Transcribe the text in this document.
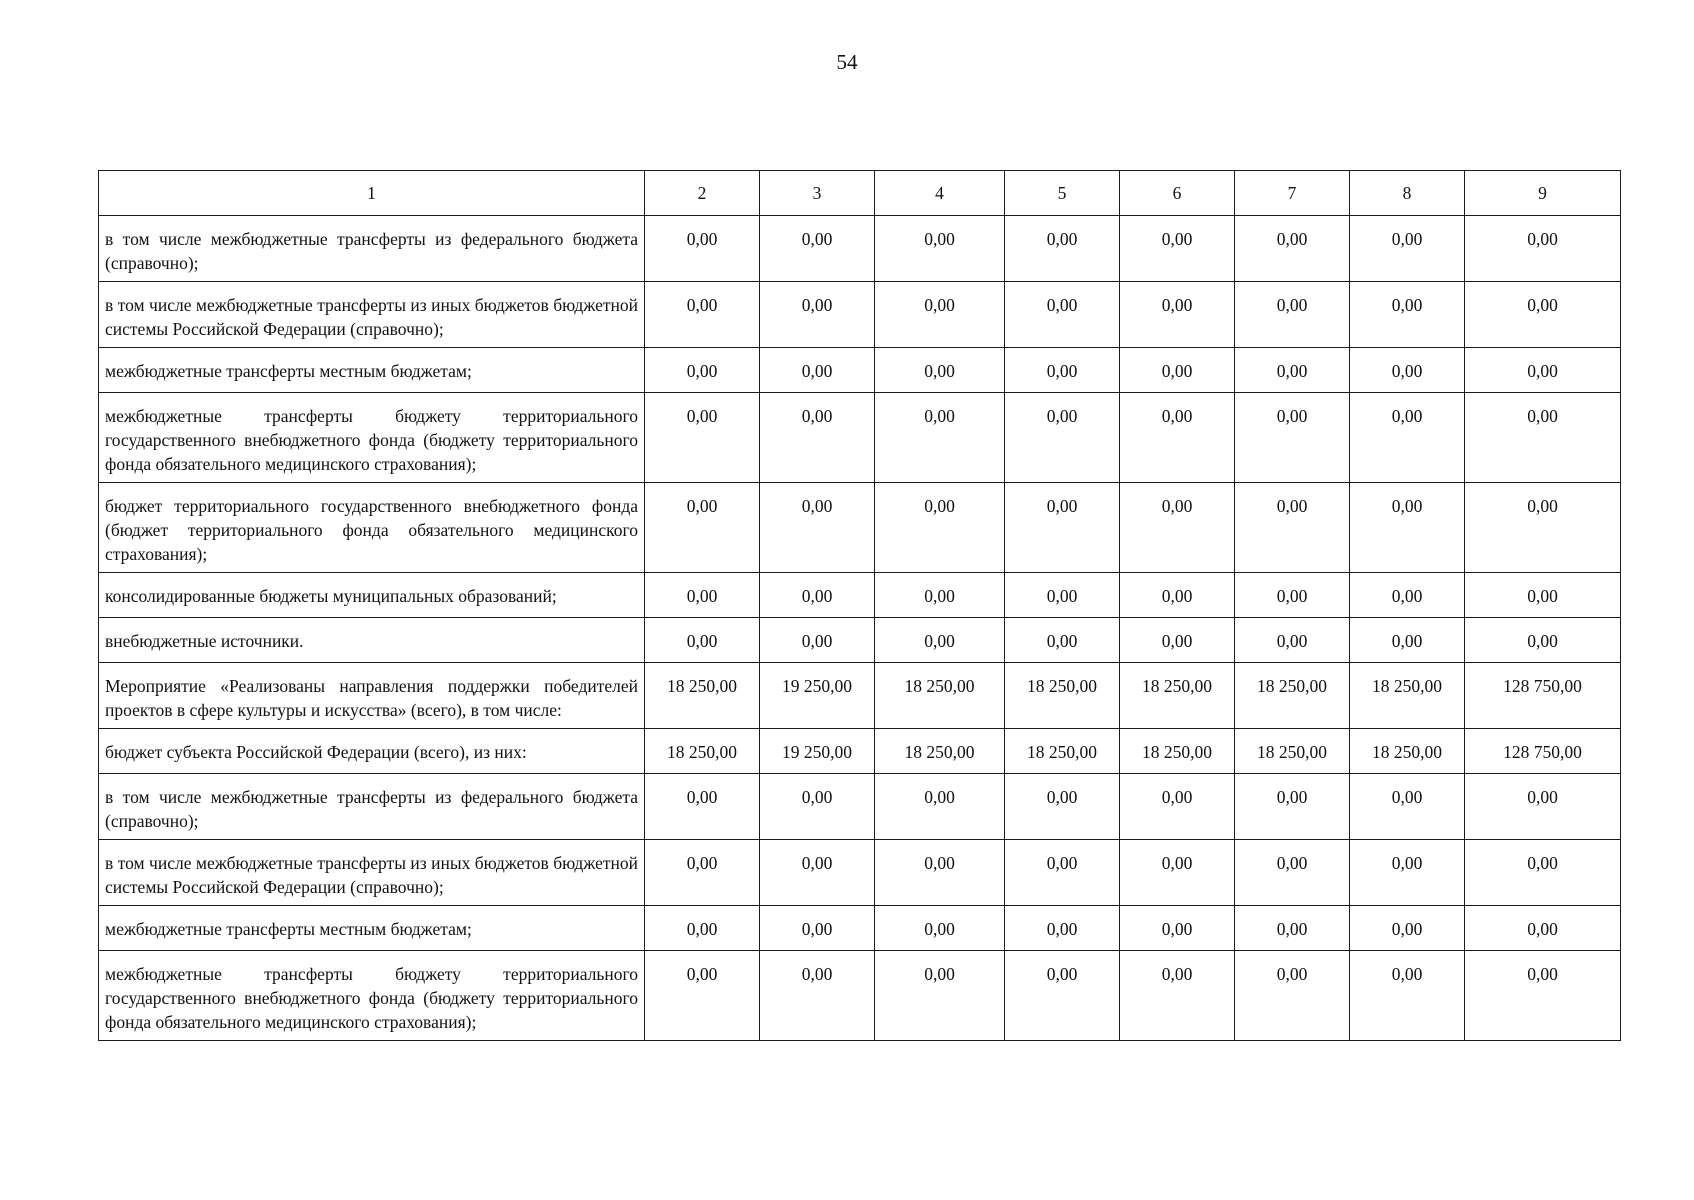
54
1	2	3	4	5	6	7	8	9
в том числе межбюджетные трансферты из федерального бюджета (справочно);	0,00	0,00	0,00	0,00	0,00	0,00	0,00	0,00
в том числе межбюджетные трансферты из иных бюджетов бюджетной системы Российской Федерации (справочно);	0,00	0,00	0,00	0,00	0,00	0,00	0,00	0,00
межбюджетные трансферты местным бюджетам;	0,00	0,00	0,00	0,00	0,00	0,00	0,00	0,00
межбюджетные трансферты бюджету территориального государственного внебюджетного фонда (бюджету территориального фонда обязательного медицинского страхования);	0,00	0,00	0,00	0,00	0,00	0,00	0,00	0,00
бюджет территориального государственного внебюджетного фонда (бюджет территориального фонда обязательного медицинского страхования);	0,00	0,00	0,00	0,00	0,00	0,00	0,00	0,00
консолидированные бюджеты муниципальных образований;	0,00	0,00	0,00	0,00	0,00	0,00	0,00	0,00
внебюджетные источники.	0,00	0,00	0,00	0,00	0,00	0,00	0,00	0,00
Мероприятие «Реализованы направления поддержки победителей проектов в сфере культуры и искусства» (всего), в том числе:	18 250,00	19 250,00	18 250,00	18 250,00	18 250,00	18 250,00	18 250,00	128 750,00
бюджет субъекта Российской Федерации (всего), из них:	18 250,00	19 250,00	18 250,00	18 250,00	18 250,00	18 250,00	18 250,00	128 750,00
в том числе межбюджетные трансферты из федерального бюджета (справочно);	0,00	0,00	0,00	0,00	0,00	0,00	0,00	0,00
в том числе межбюджетные трансферты из иных бюджетов бюджетной системы Российской Федерации (справочно);	0,00	0,00	0,00	0,00	0,00	0,00	0,00	0,00
межбюджетные трансферты местным бюджетам;	0,00	0,00	0,00	0,00	0,00	0,00	0,00	0,00
межбюджетные трансферты бюджету территориального государственного внебюджетного фонда (бюджету территориального фонда обязательного медицинского страхования);	0,00	0,00	0,00	0,00	0,00	0,00	0,00	0,00
